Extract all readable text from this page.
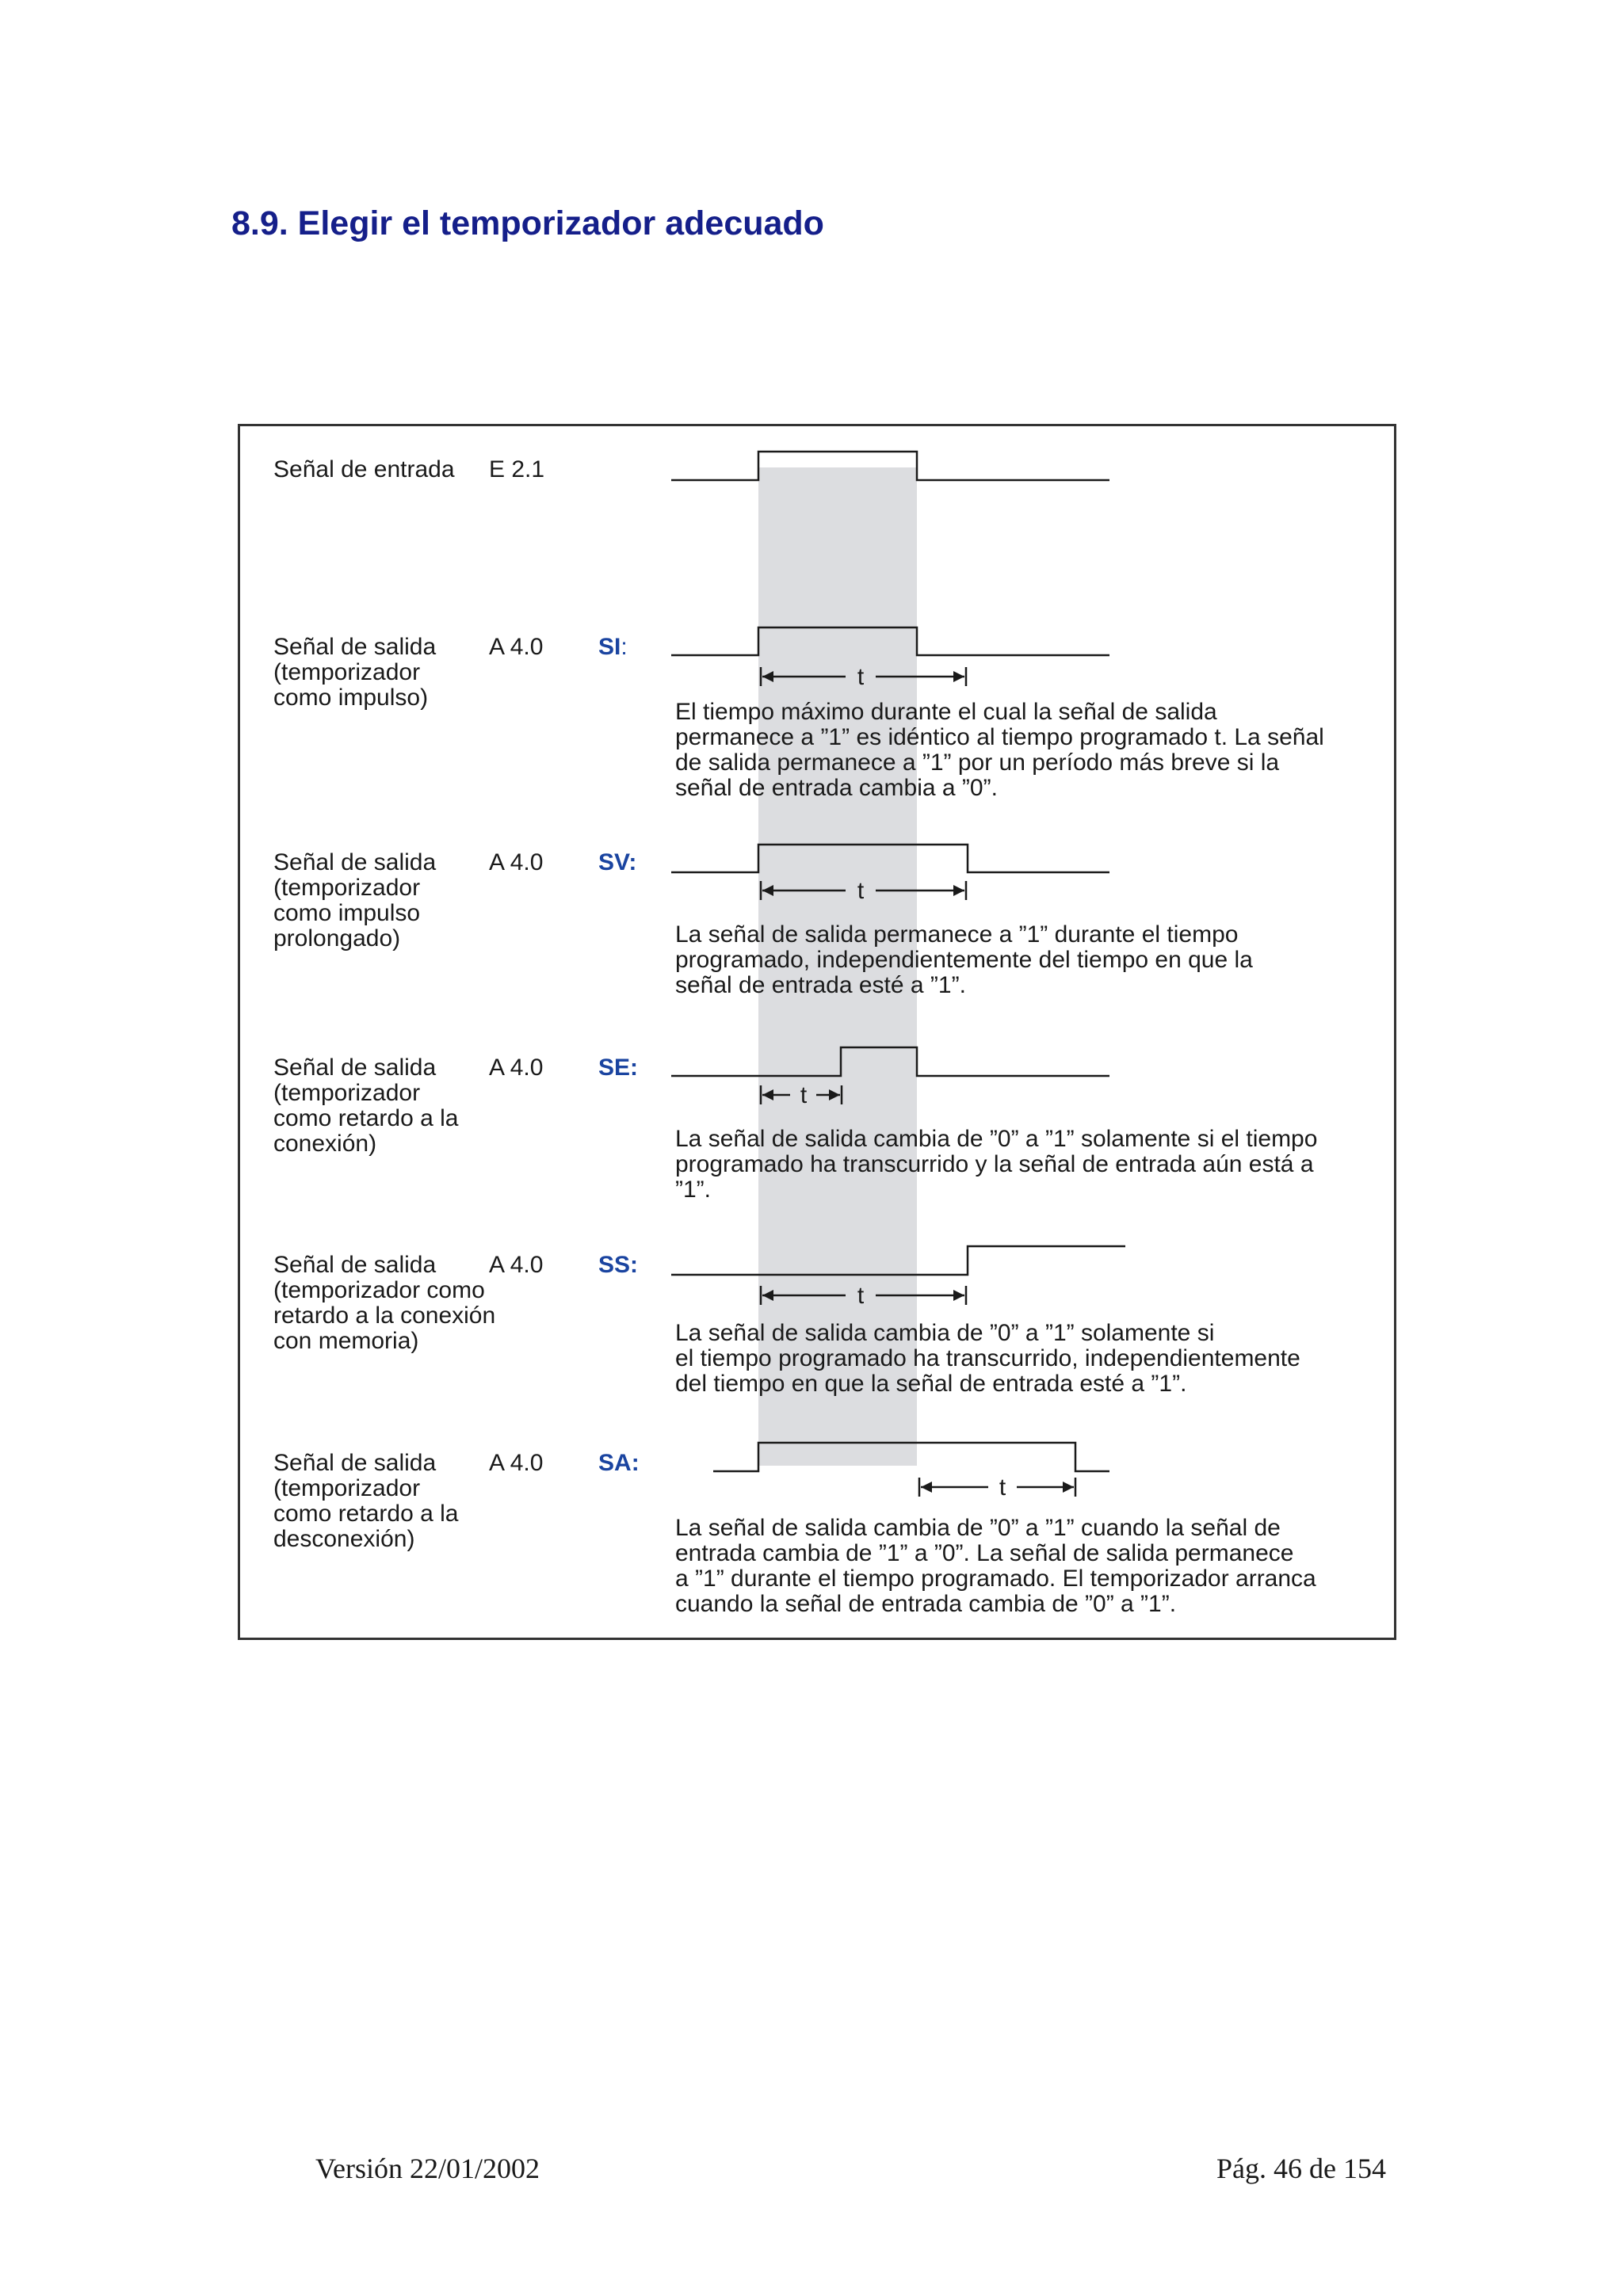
8.9. Elegir el temporizador adecuado
Señal de entrada E 2.1
Señal de salida
(temporizador
como impulso)
A 4.0 SI:
El tiempo máximo durante el cual la señal de salida
permanece a ”1” es idéntico al tiempo programado t. La señal
de salida permanece a ”1” por un período más breve si la
señal de entrada cambia a ”0”.
Señal de salida
(temporizador
como impulso
prolongado)
A 4.0 SV:
La señal de salida permanece a ”1” durante el tiempo
programado, independientemente del tiempo en que la
señal de entrada esté a ”1”.
Señal de salida
(temporizador
como retardo a la
conexión)
A 4.0 SE:
La señal de salida cambia de ”0” a ”1” solamente si el tiempo
programado ha transcurrido y la señal de entrada aún está a
”1”.
Señal de salida
(temporizador como
retardo a la conexión
con memoria)
A 4.0 SS:
La señal de salida cambia de ”0” a ”1” solamente si
el tiempo programado ha transcurrido, independientemente
del tiempo en que la señal de entrada esté a ”1”.
Señal de salida
(temporizador
como retardo a la
desconexión)
A 4.0 SA:
La señal de salida cambia de ”0” a ”1” cuando la señal de
entrada cambia de ”1” a ”0”. La señal de salida permanece
a ”1” durante el tiempo programado. El temporizador arranca
cuando la señal de entrada cambia de ”0” a ”1”.
t
t
t
t
t
Versión 22/01/2002	Pág. 46 de 154
